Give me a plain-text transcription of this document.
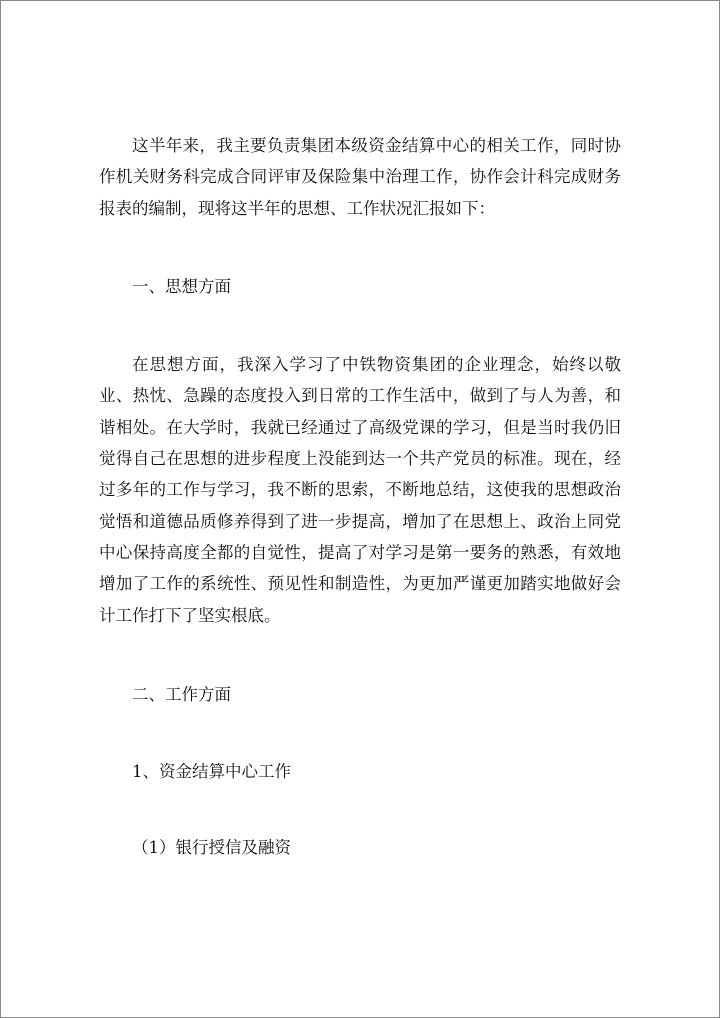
这半年来，我主要负责集团本级资金结算中心的相关工作，同时协作机关财务科完成合同评审及保险集中治理工作，协作会计科完成财务报表的编制，现将这半年的思想、工作状况汇报如下：

一、思想方面

在思想方面，我深入学习了中铁物资集团的企业理念，始终以敬业、热忱、急躁的态度投入到日常的工作生活中，做到了与人为善，和谐相处。在大学时，我就已经通过了高级党课的学习，但是当时我仍旧觉得自己在思想的进步程度上没能到达一个共产党员的标准。现在，经过多年的工作与学习，我不断的思索，不断地总结，这使我的思想政治觉悟和道德品质修养得到了进一步提高，增加了在思想上、政治上同党中心保持高度全都的自觉性，提高了对学习是第一要务的熟悉，有效地增加了工作的系统性、预见性和制造性，为更加严谨更加踏实地做好会计工作打下了坚实根底。

二、工作方面

1、资金结算中心工作

（1）银行授信及融资
